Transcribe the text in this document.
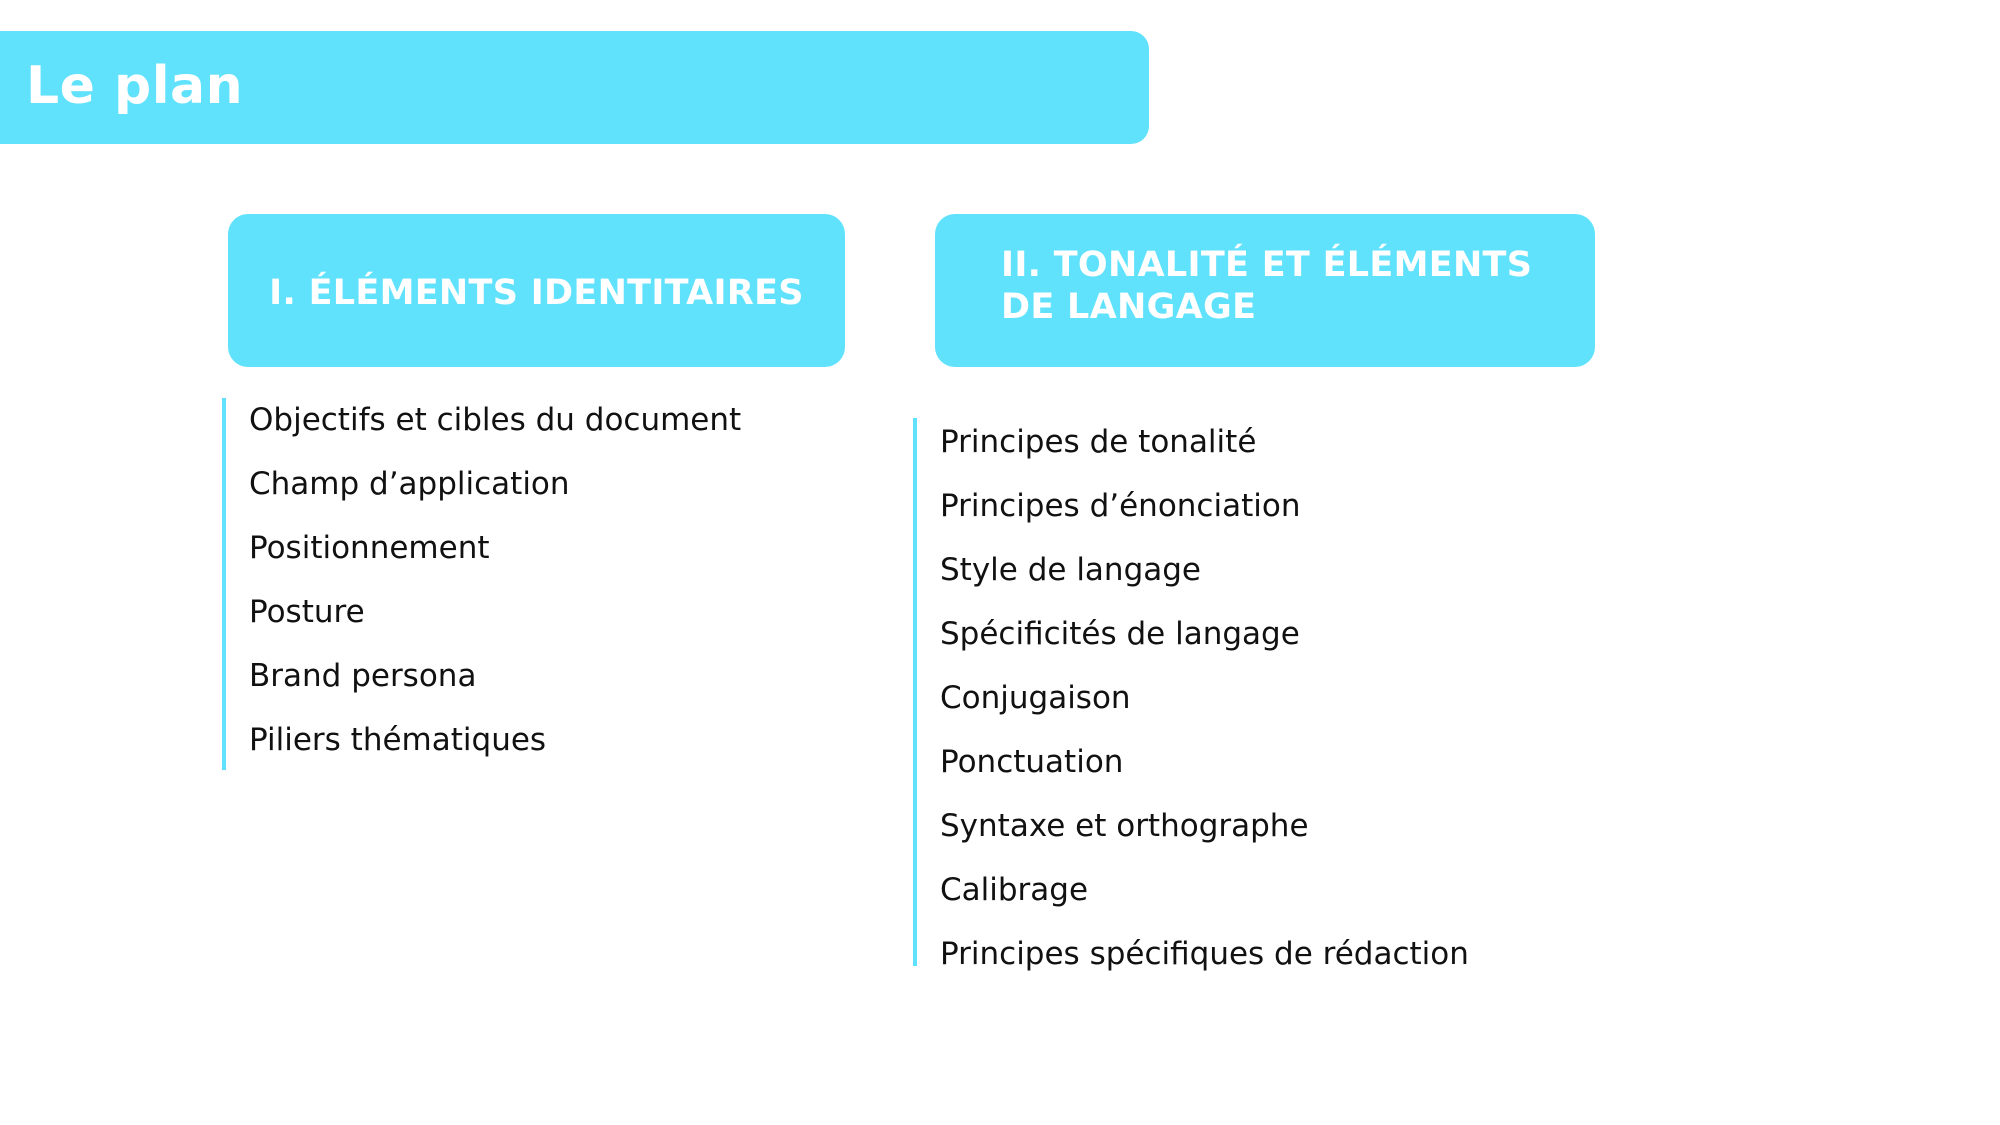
Le plan
I. ÉLÉMENTS IDENTITAIRES
II. TONALITÉ ET ÉLÉMENTS DE LANGAGE
Objectifs et cibles du document
Champ d’application
Positionnement
Posture
Brand persona
Piliers thématiques
Principes de tonalité
Principes d’énonciation
Style de langage
Spécificités de langage
Conjugaison
Ponctuation
Syntaxe et orthographe
Calibrage
Principes spécifiques de rédaction
